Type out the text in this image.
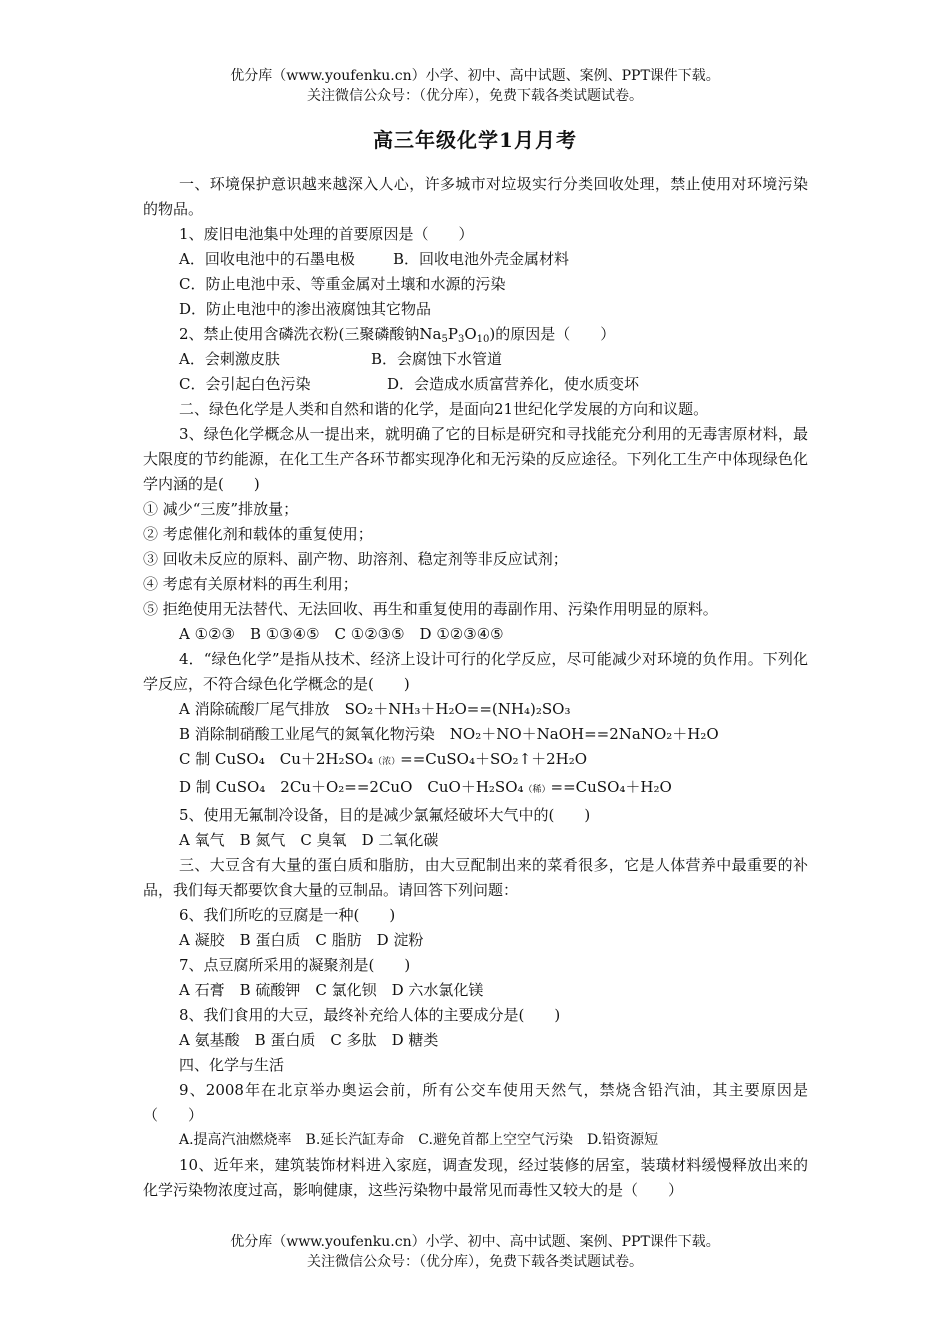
优分库（www.youfenku.cn）小学、初中、高中试题、案例、PPT课件下载。
关注微信公众号：（优分库），免费下载各类试题试卷。
高三年级化学1月月考

一、环境保护意识越来越深入人心，许多城市对垃圾实行分类回收处理，禁止使用对环境污染的物品。

1、废旧电池集中处理的首要原因是（　　）

A．回收电池中的石墨电极	B．回收电池外壳金属材料

C．防止电池中汞、等重金属对土壤和水源的污染

D．防止电池中的渗出液腐蚀其它物品

2、禁止使用含磷洗衣粉(三聚磷酸钠$Na_5P_3O_{10}$)的原因是（　　）

A．会刺激皮肤	B．会腐蚀下水管道

C．会引起白色污染	D．会造成水质富营养化，使水质变坏

二、绿色化学是人类和自然和谐的化学，是面向21世纪化学发展的方向和议题。

3、绿色化学概念从一提出来，就明确了它的目标是研究和寻找能充分利用的无毒害原材料，最大限度的节约能源，在化工生产各环节都实现净化和无污染的反应途径。下列化工生产中体现绿色化学内涵的是(　　)

① 减少“三废”排放量；

② 考虑催化剂和载体的重复使用；

③ 回收未反应的原料、副产物、助溶剂、稳定剂等非反应试剂；

④ 考虑有关原材料的再生利用；

⑤ 拒绝使用无法替代、无法回收、再生和重复使用的毒副作用、污染作用明显的原料。

A ①②③　B ①③④⑤　C ①②③⑤　D ①②③④⑤

4．“绿色化学”是指从技术、经济上设计可行的化学反应，尽可能减少对环境的负作用。下列化学反应，不符合绿色化学概念的是(　　)

A 消除硫酸厂尾气排放　SO₂＋NH₃＋H₂O==(NH₄)₂SO₃

B 消除制硝酸工业尾气的氮氧化物污染　NO₂＋NO＋NaOH==2NaNO₂＋H₂O

C 制 CuSO₄　Cu＋2H₂SO₄（浓）==CuSO₄＋SO₂↑＋2H₂O

D 制 CuSO₄　2Cu＋O₂==2CuO　CuO＋H₂SO₄（稀）==CuSO₄＋H₂O

5、使用无氟制冷设备，目的是减少氯氟烃破坏大气中的(　　)

A 氧气　B 氮气　C 臭氧　D 二氧化碳

三、大豆含有大量的蛋白质和脂肪，由大豆配制出来的菜肴很多，它是人体营养中最重要的补品，我们每天都要饮食大量的豆制品。请回答下列问题：

6、我们所吃的豆腐是一种(　　)

A 凝胶　B 蛋白质　C 脂肪　D 淀粉

7、点豆腐所采用的凝聚剂是(　　)

A 石膏　B 硫酸钾　C 氯化钡　D 六水氯化镁

8、我们食用的大豆，最终补充给人体的主要成分是(　　)

A 氨基酸　B 蛋白质　C 多肽　D 糖类

四、化学与生活

9、2008年在北京举办奥运会前，所有公交车使用天然气，禁烧含铅汽油，其主要原因是（　　）

A.提高汽油燃烧率　B.延长汽缸寿命　C.避免首都上空空气污染　D.铅资源短

10、近年来，建筑装饰材料进入家庭，调查发现，经过装修的居室，装璜材料缓慢释放出来的化学污染物浓度过高，影响健康，这些污染物中最常见而毒性又较大的是（　　）

优分库（www.youfenku.cn）小学、初中、高中试题、案例、PPT课件下载。
关注微信公众号：（优分库），免费下载各类试题试卷。
